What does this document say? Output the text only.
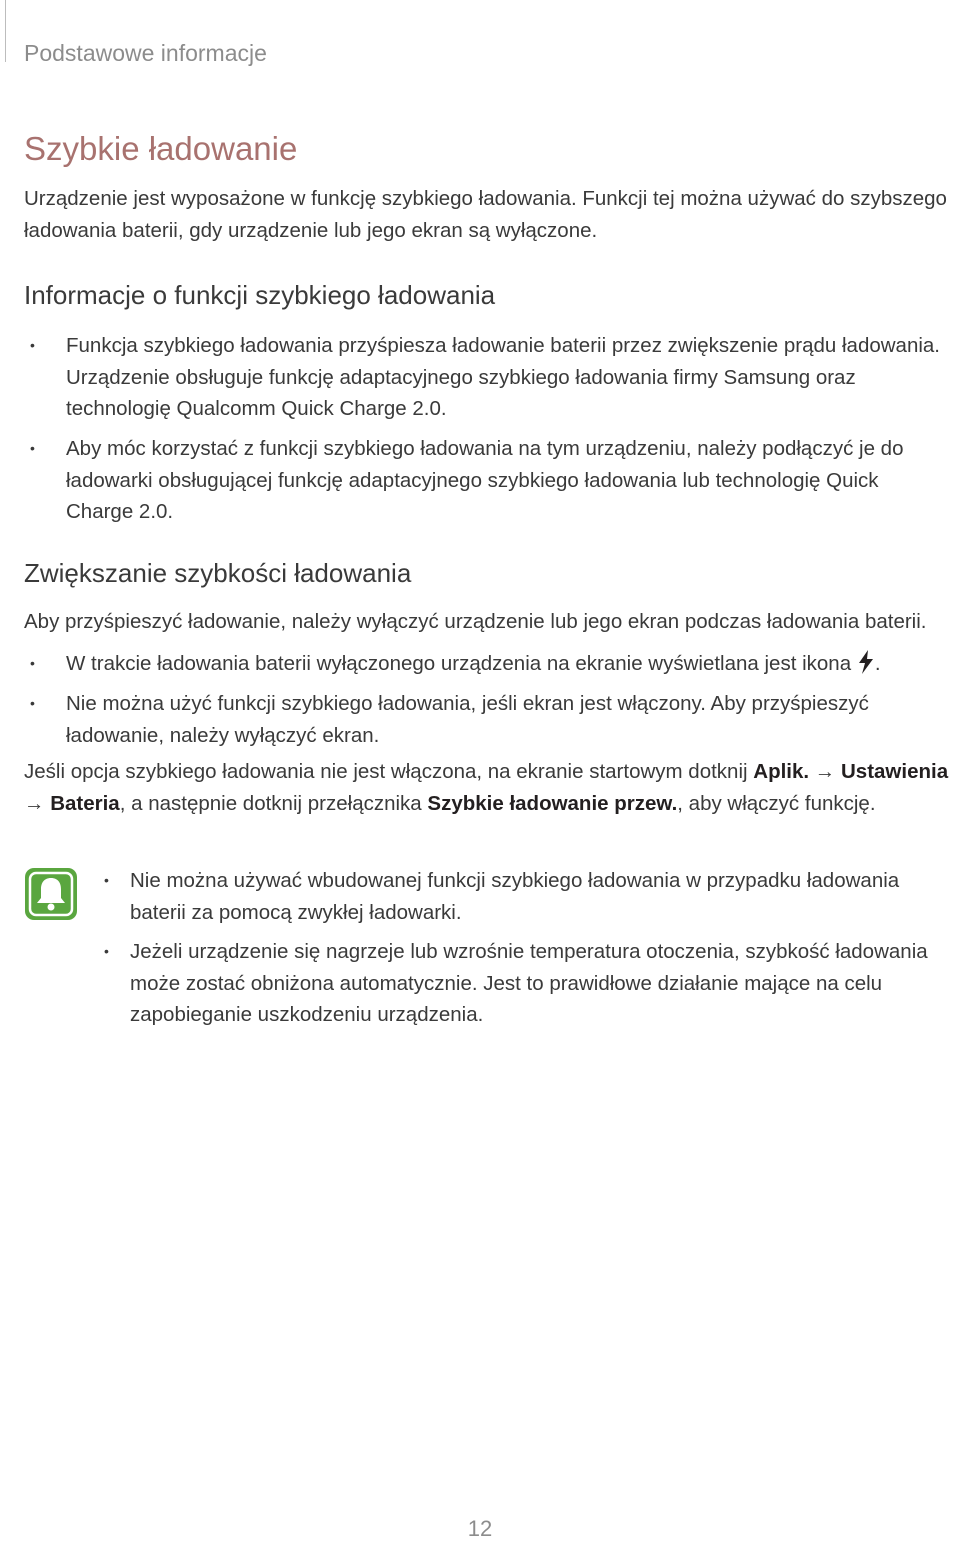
Podstawowe informacje
Szybkie ładowanie
Urządzenie jest wyposażone w funkcję szybkiego ładowania. Funkcji tej można używać do szybszego ładowania baterii, gdy urządzenie lub jego ekran są wyłączone.
Informacje o funkcji szybkiego ładowania
• Funkcja szybkiego ładowania przyśpiesza ładowanie baterii przez zwiększenie prądu ładowania. Urządzenie obsługuje funkcję adaptacyjnego szybkiego ładowania firmy Samsung oraz technologię Qualcomm Quick Charge 2.0.
• Aby móc korzystać z funkcji szybkiego ładowania na tym urządzeniu, należy podłączyć je do ładowarki obsługującej funkcję adaptacyjnego szybkiego ładowania lub technologię Quick Charge 2.0.
Zwiększanie szybkości ładowania
Aby przyśpieszyć ładowanie, należy wyłączyć urządzenie lub jego ekran podczas ładowania baterii.
• W trakcie ładowania baterii wyłączonego urządzenia na ekranie wyświetlana jest ikona .
• Nie można użyć funkcji szybkiego ładowania, jeśli ekran jest włączony. Aby przyśpieszyć ładowanie, należy wyłączyć ekran.
Jeśli opcja szybkiego ładowania nie jest włączona, na ekranie startowym dotknij Aplik. → Ustawienia → Bateria, a następnie dotknij przełącznika Szybkie ładowanie przew., aby włączyć funkcję.
• Nie można używać wbudowanej funkcji szybkiego ładowania w przypadku ładowania baterii za pomocą zwykłej ładowarki.
• Jeżeli urządzenie się nagrzeje lub wzrośnie temperatura otoczenia, szybkość ładowania może zostać obniżona automatycznie. Jest to prawidłowe działanie mające na celu zapobieganie uszkodzeniu urządzenia.
12
